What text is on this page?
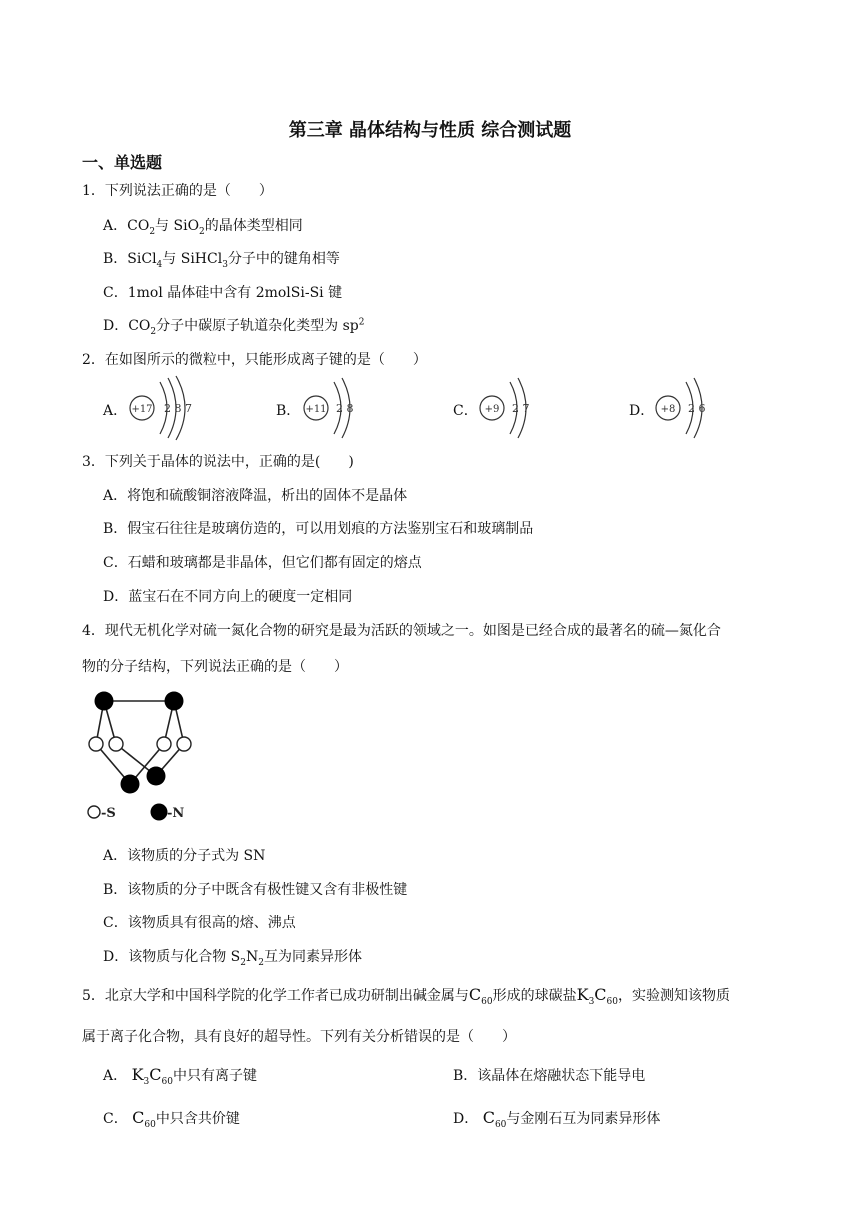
第三章 晶体结构与性质 综合测试题
一、单选题
1．下列说法正确的是（　　）
A．$CO_2$与 SiO$_2$的晶体类型相同
B．SiCl$_4$与 SiHCl$_3$分子中的键角相等
C．1mol 晶体硅中含有 2molSi-Si 键
D．$CO_2$分子中碳原子轨道杂化类型为 $sp^2$
2．在如图所示的微粒中，只能形成离子键的是（　　）
A． +17 2 8 7	B． +11 2 8	C． +9 2 7	D． +8 2 6
3．下列关于晶体的说法中，正确的是(　　)
A．将饱和硫酸铜溶液降温，析出的固体不是晶体
B．假宝石往往是玻璃仿造的，可以用划痕的方法鉴别宝石和玻璃制品
C．石蜡和玻璃都是非晶体，但它们都有固定的熔点
D．蓝宝石在不同方向上的硬度一定相同
4．现代无机化学对硫一氮化合物的研究是最为活跃的领域之一。如图是已经合成的最著名的硫—氮化合
物的分子结构，下列说法正确的是（　　）
-S	-N
A．该物质的分子式为 SN
B．该物质的分子中既含有极性键又含有非极性键
C．该物质具有很高的熔、沸点
D．该物质与化合物 $S_2N_2$互为同素异形体
5．北京大学和中国科学院的化学工作者已成功研制出碱金属与$C_{60}$形成的球碳盐$K_3C_{60}$，实验测知该物质
属于离子化合物，具有良好的超导性。下列有关分析错误的是（　　）
A． $K_3C_{60}$中只有离子键	B．该晶体在熔融状态下能导电
C． $C_{60}$中只含共价键	D． $C_{60}$与金刚石互为同素异形体
